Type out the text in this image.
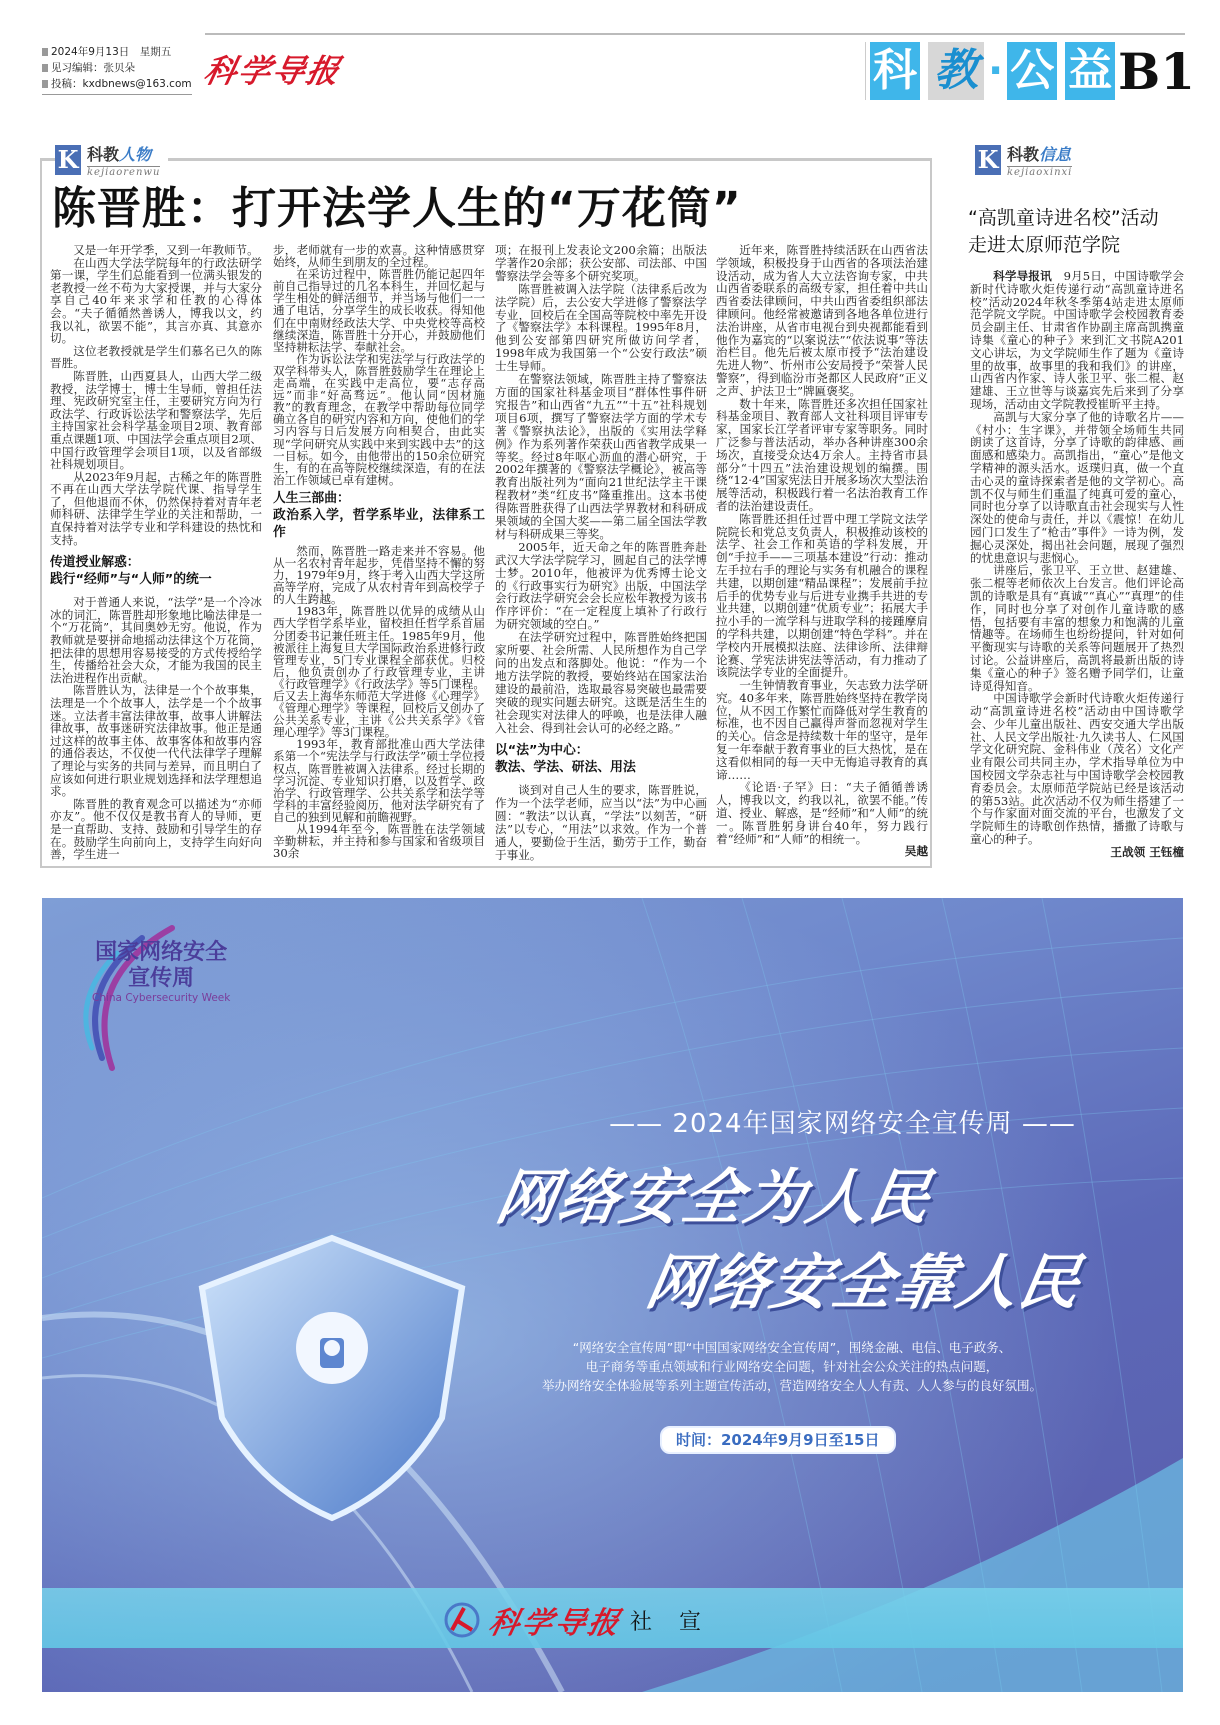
2024年9月13日　星期五
见习编辑：张贝朵
投稿：kxdbnews@163.com 科学导报	科 教 · 公 益 B1
K 科教人物
kejiaorenwu
陈晋胜：打开法学人生的“万花筒”

又是一年开学季，又到一年教师节。

在山西大学法学院每年的行政法研学第一课，学生们总能看到一位满头银发的老教授一丝不苟为大家授课，并与大家分享自己40年来求学和任教的心得体会。“夫子循循然善诱人，博我以文，约我以礼，欲罢不能”，其言亦真、其意亦切。

这位老教授就是学生们慕名已久的陈晋胜。

陈晋胜，山西夏县人，山西大学二级教授，法学博士，博士生导师，曾担任法理、宪政研究室主任，主要研究方向为行政法学、行政诉讼法学和警察法学，先后主持国家社会科学基金项目2项、教育部重点课题1项、中国法学会重点项目2项、中国行政管理学会项目1项，以及省部级社科规划项目。

从2023年9月起，古稀之年的陈晋胜不再在山西大学法学院代课、指导学生了，但他退而不休，仍然保持着对青年老师科研、法律学生学业的关注和帮助，一直保持着对法学专业和学科建设的热忱和支持。

传道授业解惑：
践行“经师”与“人师”的统一

对于普通人来说，“法学”是一个冷冰冰的词汇，陈晋胜却形象地比喻法律是一个“万花筒”，其间奥妙无穷。他说，作为教师就是要拼命地摇动法律这个万花筒，把法律的思想用容易接受的方式传授给学生，传播给社会大众，才能为我国的民主法治进程作出贡献。

陈晋胜认为，法律是一个个故事集，法理是一个个故事人，法学是一个个故事迷。立法者丰富法律故事，故事人讲解法律故事，故事迷研究法律故事。他正是通过这样的故事主体、故事客体和故事内容的通俗表达，不仅使一代代法律学子理解了理论与实务的共同与差异，而且明白了应该如何进行职业规划选择和法学理想追求。

陈晋胜的教育观念可以描述为“亦师亦友”。他不仅仅是教书育人的导师，更是一直帮助、支持、鼓励和引导学生的存在。鼓励学生向前向上，支持学生向好向善，学生进一

步，老师就有一步的欢喜。这种情感贯穿始终，从师生到朋友的全过程。

在采访过程中，陈晋胜仍能记起四年前自己指导过的几名本科生，并回忆起与学生相处的鲜活细节，并当场与他们一一通了电话，分享学生的成长收获。得知他们在中南财经政法大学、中央党校等高校继续深造，陈晋胜十分开心，并鼓励他们坚持耕耘法学、奉献社会。

作为诉讼法学和宪法学与行政法学的双学科带头人，陈晋胜鼓励学生在理论上走高端，在实践中走高位，要“志存高远”而非“好高骛远”。他认同“因材施教”的教育理念，在教学中帮助每位同学确立各自的研究内容和方向，使他们的学习内容与日后发展方向相契合，由此实现“学问研究从实践中来到实践中去”的这一目标。如今，由他带出的150余位研究生，有的在高等院校继续深造，有的在法治工作领域已卓有建树。

人生三部曲：
政治系入学，哲学系毕业，法律系工作

然而，陈晋胜一路走来并不容易。他从一名农村青年起步，凭借坚持不懈的努力，1979年9月，终于考入山西大学这所高等学府，完成了从农村青年到高校学子的人生跨越。

1983年，陈晋胜以优异的成绩从山西大学哲学系毕业，留校担任哲学系首届分团委书记兼任班主任。1985年9月，他被派往上海复旦大学国际政治系进修行政管理专业，5门专业课程全部获优。归校后，他负责创办了行政管理专业，主讲《行政管理学》《行政法学》等5门课程。后又去上海华东师范大学进修《心理学》《管理心理学》等课程，回校后又创办了公共关系专业，主讲《公共关系学》《管理心理学》等3门课程。

1993年，教育部批准山西大学法律系第一个“宪法学与行政法学”硕士学位授权点，陈晋胜被调入法律系。经过长期的学习沉淀、专业知识打磨，以及哲学、政治学、行政管理学、公共关系学和法学等学科的丰富经验阅历，他对法学研究有了自己的独到见解和前瞻视野。

从1994年至今，陈晋胜在法学领域辛勤耕耘，并主持和参与国家和省级项目30余

项；在报刊上发表论文200余篇；出版法学著作20余部；获公安部、司法部、中国警察法学会等多个研究奖项。

陈晋胜被调入法学院（法律系后改为法学院）后，去公安大学进修了警察法学专业，回校后在全国高等院校中率先开设了《警察法学》本科课程。1995年8月，他到公安部第四研究所做访问学者，1998年成为我国第一个“公安行政法”硕士生导师。

在警察法领域，陈晋胜主持了警察法方面的国家社科基金项目“群体性事件研究报告”和山西省“九五”“十五”社科规划项目6项，撰写了警察法学方面的学术专著《警察执法论》，出版的《实用法学释例》作为系列著作荣获山西省教学成果一等奖。经过8年呕心沥血的潜心研究，于2002年撰著的《警察法学概论》，被高等教育出版社列为“面向21世纪法学主干课程教材”类“红皮书”隆重推出。这本书使得陈晋胜获得了山西法学界教材和科研成果领域的全国大奖——第二届全国法学教材与科研成果三等奖。

2005年，近天命之年的陈晋胜奔赴武汉大学法学院学习，圆起自己的法学博士梦。2010年，他被评为优秀博士论文的《行政事实行为研究》出版，中国法学会行政法学研究会会长应松年教授为该书作序评价：“在一定程度上填补了行政行为研究领域的空白。”

在法学研究过程中，陈晋胜始终把国家所要、社会所需、人民所想作为自己学问的出发点和落脚处。他说：“作为一个地方法学院的教授，要始终站在国家法治建设的最前沿，选取最容易突破也最需要突破的现实问题去研究。这既是活生生的社会现实对法律人的呼唤，也是法律人融入社会、得到社会认可的必经之路。”

以“法”为中心：
教法、学法、研法、用法

谈到对自己人生的要求，陈晋胜说，作为一个法学老师，应当以“法”为中心画圆：“教法”以认真，“学法”以刻苦，“研法”以专心，“用法”以求效。作为一个普通人，要勤俭于生活，勤劳于工作，勤奋于事业。

近年来，陈晋胜持续活跃在山西省法学领域，积极投身于山西省的各项法治建设活动，成为省人大立法咨询专家，中共山西省委联系的高级专家，担任着中共山西省委法律顾问，中共山西省委组织部法律顾问。他经常被邀请到各地各单位进行法治讲座，从省市电视台到央视都能看到他作为嘉宾的“以案说法”“依法说事”等法治栏目。他先后被太原市授予“法治建设先进人物”、忻州市公安局授予“荣誉人民警察”，得到临汾市尧都区人民政府“正义之声、护法卫士”牌匾褒奖。

数十年来，陈晋胜还多次担任国家社科基金项目、教育部人文社科项目评审专家，国家长江学者评审专家等职务。同时广泛参与普法活动，举办各种讲座300余场次，直接受众达4万余人。主持省市县部分“十四五”法治建设规划的编撰。围绕“12·4”国家宪法日开展多场次大型法治展等活动，积极践行着一名法治教育工作者的法治建设责任。

陈晋胜还担任过晋中理工学院文法学院院长和党总支负责人，积极推动该校的法学、社会工作和英语的学科发展，开创“手拉手——三项基本建设”行动：推动左手拉右手的理论与实务有机融合的课程共建，以期创建“精品课程”；发展前手拉后手的优势专业与后进专业携手共进的专业共建，以期创建“优质专业”；拓展大手拉小手的一流学科与进取学科的接踵摩肩的学科共建，以期创建“特色学科”。并在学校内开展模拟法庭、法律诊所、法律辩论赛、学宪法讲宪法等活动，有力推动了该院法学专业的全面提升。

一生钟情教育事业，矢志致力法学研究。40多年来，陈晋胜始终坚持在教学岗位，从不因工作繁忙而降低对学生教育的标准，也不因自己赢得声誉而忽视对学生的关心。信念是持续数十年的坚守，是年复一年奉献于教育事业的巨大热忱，是在这看似相同的每一天中无悔追寻教育的真谛……

《论语·子罕》曰：“夫子循循善诱人，博我以文，约我以礼，欲罢不能。”传道、授业、解惑，是“经师”和“人师”的统一。陈晋胜躬身讲台40年，努力践行着“经师”和“人师”的相统一。

吴越

K 科教信息
kejiaoxinxi
“高凯童诗进名校”活动
走进太原师范学院

科学导报讯　 9月5日，中国诗歌学会新时代诗歌火炬传递行动“高凯童诗进名校”活动2024年秋冬季第4站走进太原师范学院文学院。中国诗歌学会校园教育委员会副主任、甘肃省作协副主席高凯携童诗集《童心的种子》来到汇文书院A201文心讲坛，为文学院师生作了题为《童诗里的故事，故事里的我和我们》的讲座，山西省内作家、诗人张卫平、张二棍、赵建雄、王立世等与谈嘉宾先后来到了分享现场，活动由文学院教授崔昕平主持。

高凯与大家分享了他的诗歌名片——《村小：生字课》，并带领全场师生共同朗读了这首诗，分享了诗歌的韵律感、画面感和感染力。高凯指出，“童心”是他文学精神的源头活水。返璞归真，做一个直击心灵的童诗探索者是他的文学初心。高凯不仅与师生们重温了纯真可爱的童心，同时也分享了以诗歌直击社会现实与人性深处的使命与责任，并以《震惊！在幼儿园门口发生了“枪击”事件》一诗为例，发掘心灵深处，揭出社会问题，展现了强烈的忧患意识与悲悯心。

讲座后，张卫平、王立世、赵建雄、张二棍等老师依次上台发言。他们评论高凯的诗歌是具有“真诚”“真心”“真理”的佳作，同时也分享了对创作儿童诗歌的感悟，包括要有丰富的想象力和饱满的儿童情趣等。在场师生也纷纷提问，针对如何平衡现实与诗歌的关系等问题展开了热烈讨论。公益讲座后，高凯将最新出版的诗集《童心的种子》签名赠予同学们，让童诗觅得知音。

中国诗歌学会新时代诗歌火炬传递行动“高凯童诗进名校”活动由中国诗歌学会、少年儿童出版社、西安交通大学出版社、人民文学出版社·九久读书人、仁风国学文化研究院、金科伟业（茂名）文化产业有限公司共同主办，学术指导单位为中国校园文学杂志社与中国诗歌学会校园教育委员会。太原师范学院站已经是该活动的第53站。此次活动不仅为师生搭建了一个与作家面对面交流的平台，也激发了文学院师生的诗歌创作热情，播撒了诗歌与童心的种子。

王战领 王钰橦

国家网络安全
宣传周
China Cybersecurity Week
—— 2024年国家网络安全宣传周 ——
网络安全为人民
网络安全靠人民
“网络安全宣传周”即“中国国家网络安全宣传周”，围绕金融、电信、电子政务、
电子商务等重点领域和行业网络安全问题，针对社会公众关注的热点问题，
举办网络安全体验展等系列主题宣传活动，营造网络安全人人有责、人人参与的良好氛围。
时间：2024年9月9日至15日
科学导报 社 宣
